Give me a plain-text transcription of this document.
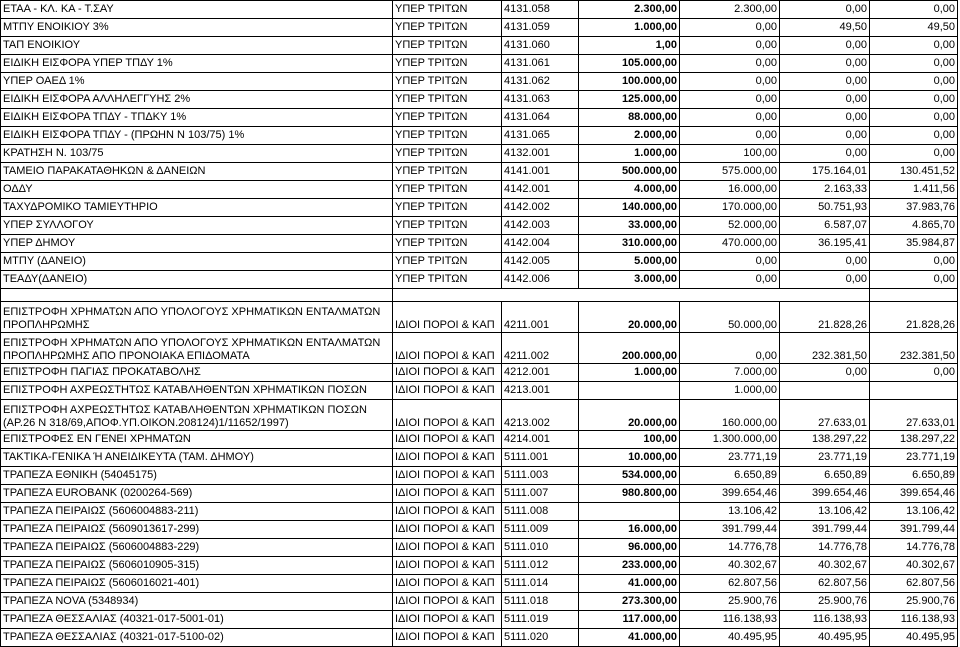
ΕΤΑΑ - ΚΛ. ΚΑ - Τ.ΣΑΥ	ΥΠΕΡ ΤΡΙΤΩΝ	4131.058	2.300,00	2.300,00	0,00	0,00
ΜΤΠΥ ΕΝΟΙΚΙΟΥ 3%	ΥΠΕΡ ΤΡΙΤΩΝ	4131.059	1.000,00	0,00	49,50	49,50
ΤΑΠ ΕΝΟΙΚΙΟΥ	ΥΠΕΡ ΤΡΙΤΩΝ	4131.060	1,00	0,00	0,00	0,00
ΕΙΔΙΚΗ ΕΙΣΦΟΡΑ ΥΠΕΡ ΤΠΔΥ 1%	ΥΠΕΡ ΤΡΙΤΩΝ	4131.061	105.000,00	0,00	0,00	0,00
ΥΠΕΡ ΟΑΕΔ 1%	ΥΠΕΡ ΤΡΙΤΩΝ	4131.062	100.000,00	0,00	0,00	0,00
ΕΙΔΙΚΗ ΕΙΣΦΟΡΑ ΑΛΛΗΛΕΓΓΥΗΣ 2%	ΥΠΕΡ ΤΡΙΤΩΝ	4131.063	125.000,00	0,00	0,00	0,00
ΕΙΔΙΚΗ ΕΙΣΦΟΡΑ ΤΠΔΥ - ΤΠΔΚΥ 1%	ΥΠΕΡ ΤΡΙΤΩΝ	4131.064	88.000,00	0,00	0,00	0,00
ΕΙΔΙΚΗ ΕΙΣΦΟΡΑ ΤΠΔΥ - (ΠΡΩΗΝ Ν 103/75) 1%	ΥΠΕΡ ΤΡΙΤΩΝ	4131.065	2.000,00	0,00	0,00	0,00
ΚΡΑΤΗΣΗ Ν. 103/75	ΥΠΕΡ ΤΡΙΤΩΝ	4132.001	1.000,00	100,00	0,00	0,00
ΤΑΜΕΙΟ ΠΑΡΑΚΑΤΑΘΗΚΩΝ & ΔΑΝΕΙΩΝ	ΥΠΕΡ ΤΡΙΤΩΝ	4141.001	500.000,00	575.000,00	175.164,01	130.451,52
ΟΔΔΥ	ΥΠΕΡ ΤΡΙΤΩΝ	4142.001	4.000,00	16.000,00	2.163,33	1.411,56
ΤΑΧΥΔΡΟΜΙΚΟ ΤΑΜΙΕΥΤΗΡΙΟ	ΥΠΕΡ ΤΡΙΤΩΝ	4142.002	140.000,00	170.000,00	50.751,93	37.983,76
ΥΠΕΡ ΣΥΛΛΟΓΟΥ	ΥΠΕΡ ΤΡΙΤΩΝ	4142.003	33.000,00	52.000,00	6.587,07	4.865,70
ΥΠΕΡ ΔΗΜΟΥ	ΥΠΕΡ ΤΡΙΤΩΝ	4142.004	310.000,00	470.000,00	36.195,41	35.984,87
ΜΤΠΥ (ΔΑΝΕΙΟ)	ΥΠΕΡ ΤΡΙΤΩΝ	4142.005	5.000,00	0,00	0,00	0,00
ΤΕΑΔΥ(ΔΑΝΕΙΟ)	ΥΠΕΡ ΤΡΙΤΩΝ	4142.006	3.000,00	0,00	0,00	0,00

ΕΠΙΣΤΡΟΦΗ ΧΡΗΜΑΤΩΝ ΑΠΟ ΥΠΟΛΟΓΟΥΣ ΧΡΗΜΑΤΙΚΩΝ ΕΝΤΑΛΜΑΤΩΝ ΠΡΟΠΛΗΡΩΜΗΣ	ΙΔΙΟΙ ΠΟΡΟΙ & ΚΑΠ	4211.001	20.000,00	50.000,00	21.828,26	21.828,26
ΕΠΙΣΤΡΟΦΗ ΧΡΗΜΑΤΩΝ ΑΠΟ ΥΠΟΛΟΓΟΥΣ ΧΡΗΜΑΤΙΚΩΝ ΕΝΤΑΛΜΑΤΩΝ ΠΡΟΠΛΗΡΩΜΗΣ ΑΠΟ ΠΡΟΝΟΙΑΚΑ ΕΠΙΔΟΜΑΤΑ	ΙΔΙΟΙ ΠΟΡΟΙ & ΚΑΠ	4211.002	200.000,00	0,00	232.381,50	232.381,50
ΕΠΙΣΤΡΟΦΗ ΠΑΓΙΑΣ ΠΡΟΚΑΤΑΒΟΛΗΣ	ΙΔΙΟΙ ΠΟΡΟΙ & ΚΑΠ	4212.001	1.000,00	7.000,00	0,00	0,00
ΕΠΙΣΤΡΟΦΗ ΑΧΡΕΩΣΤΗΤΩΣ ΚΑΤΑΒΛΗΘΕΝΤΩΝ ΧΡΗΜΑΤΙΚΩΝ ΠΟΣΩΝ	ΙΔΙΟΙ ΠΟΡΟΙ & ΚΑΠ	4213.001		1.000,00		
ΕΠΙΣΤΡΟΦΗ ΑΧΡΕΩΣΤΗΤΩΣ ΚΑΤΑΒΛΗΘΕΝΤΩΝ ΧΡΗΜΑΤΙΚΩΝ ΠΟΣΩΝ (ΑΡ.26 Ν 318/69,ΑΠΟΦ.ΥΠ.ΟΙΚΟΝ.208124)1/11652/1997)	ΙΔΙΟΙ ΠΟΡΟΙ & ΚΑΠ	4213.002	20.000,00	160.000,00	27.633,01	27.633,01
ΕΠΙΣΤΡΟΦΕΣ ΕΝ ΓΕΝΕΙ ΧΡΗΜΑΤΩΝ	ΙΔΙΟΙ ΠΟΡΟΙ & ΚΑΠ	4214.001	100,00	1.300.000,00	138.297,22	138.297,22
ΤΑΚΤΙΚΑ-ΓΕΝΙΚΑ Ή ΑΝΕΙΔΙΚΕΥΤΑ (ΤΑΜ. ΔΗΜΟΥ)	ΙΔΙΟΙ ΠΟΡΟΙ & ΚΑΠ	5111.001	10.000,00	23.771,19	23.771,19	23.771,19
ΤΡΑΠΕΖΑ ΕΘΝΙΚΗ (54045175)	ΙΔΙΟΙ ΠΟΡΟΙ & ΚΑΠ	5111.003	534.000,00	6.650,89	6.650,89	6.650,89
ΤΡΑΠΕΖΑ EUROBANK (0200264-569)	ΙΔΙΟΙ ΠΟΡΟΙ & ΚΑΠ	5111.007	980.800,00	399.654,46	399.654,46	399.654,46
ΤΡΑΠΕΖΑ ΠΕΙΡΑΙΩΣ (5606004883-211)	ΙΔΙΟΙ ΠΟΡΟΙ & ΚΑΠ	5111.008		13.106,42	13.106,42	13.106,42
ΤΡΑΠΕΖΑ ΠΕΙΡΑΙΩΣ (5609013617-299)	ΙΔΙΟΙ ΠΟΡΟΙ & ΚΑΠ	5111.009	16.000,00	391.799,44	391.799,44	391.799,44
ΤΡΑΠΕΖΑ ΠΕΙΡΑΙΩΣ (5606004883-229)	ΙΔΙΟΙ ΠΟΡΟΙ & ΚΑΠ	5111.010	96.000,00	14.776,78	14.776,78	14.776,78
ΤΡΑΠΕΖΑ ΠΕΙΡΑΙΩΣ (5606010905-315)	ΙΔΙΟΙ ΠΟΡΟΙ & ΚΑΠ	5111.012	233.000,00	40.302,67	40.302,67	40.302,67
ΤΡΑΠΕΖΑ ΠΕΙΡΑΙΩΣ (5606016021-401)	ΙΔΙΟΙ ΠΟΡΟΙ & ΚΑΠ	5111.014	41.000,00	62.807,56	62.807,56	62.807,56
ΤΡΑΠΕΖΑ NOVA (5348934)	ΙΔΙΟΙ ΠΟΡΟΙ & ΚΑΠ	5111.018	273.300,00	25.900,76	25.900,76	25.900,76
ΤΡΑΠΕΖΑ ΘΕΣΣΑΛΙΑΣ (40321-017-5001-01)	ΙΔΙΟΙ ΠΟΡΟΙ & ΚΑΠ	5111.019	117.000,00	116.138,93	116.138,93	116.138,93
ΤΡΑΠΕΖΑ ΘΕΣΣΑΛΙΑΣ (40321-017-5100-02)	ΙΔΙΟΙ ΠΟΡΟΙ & ΚΑΠ	5111.020	41.000,00	40.495,95	40.495,95	40.495,95
